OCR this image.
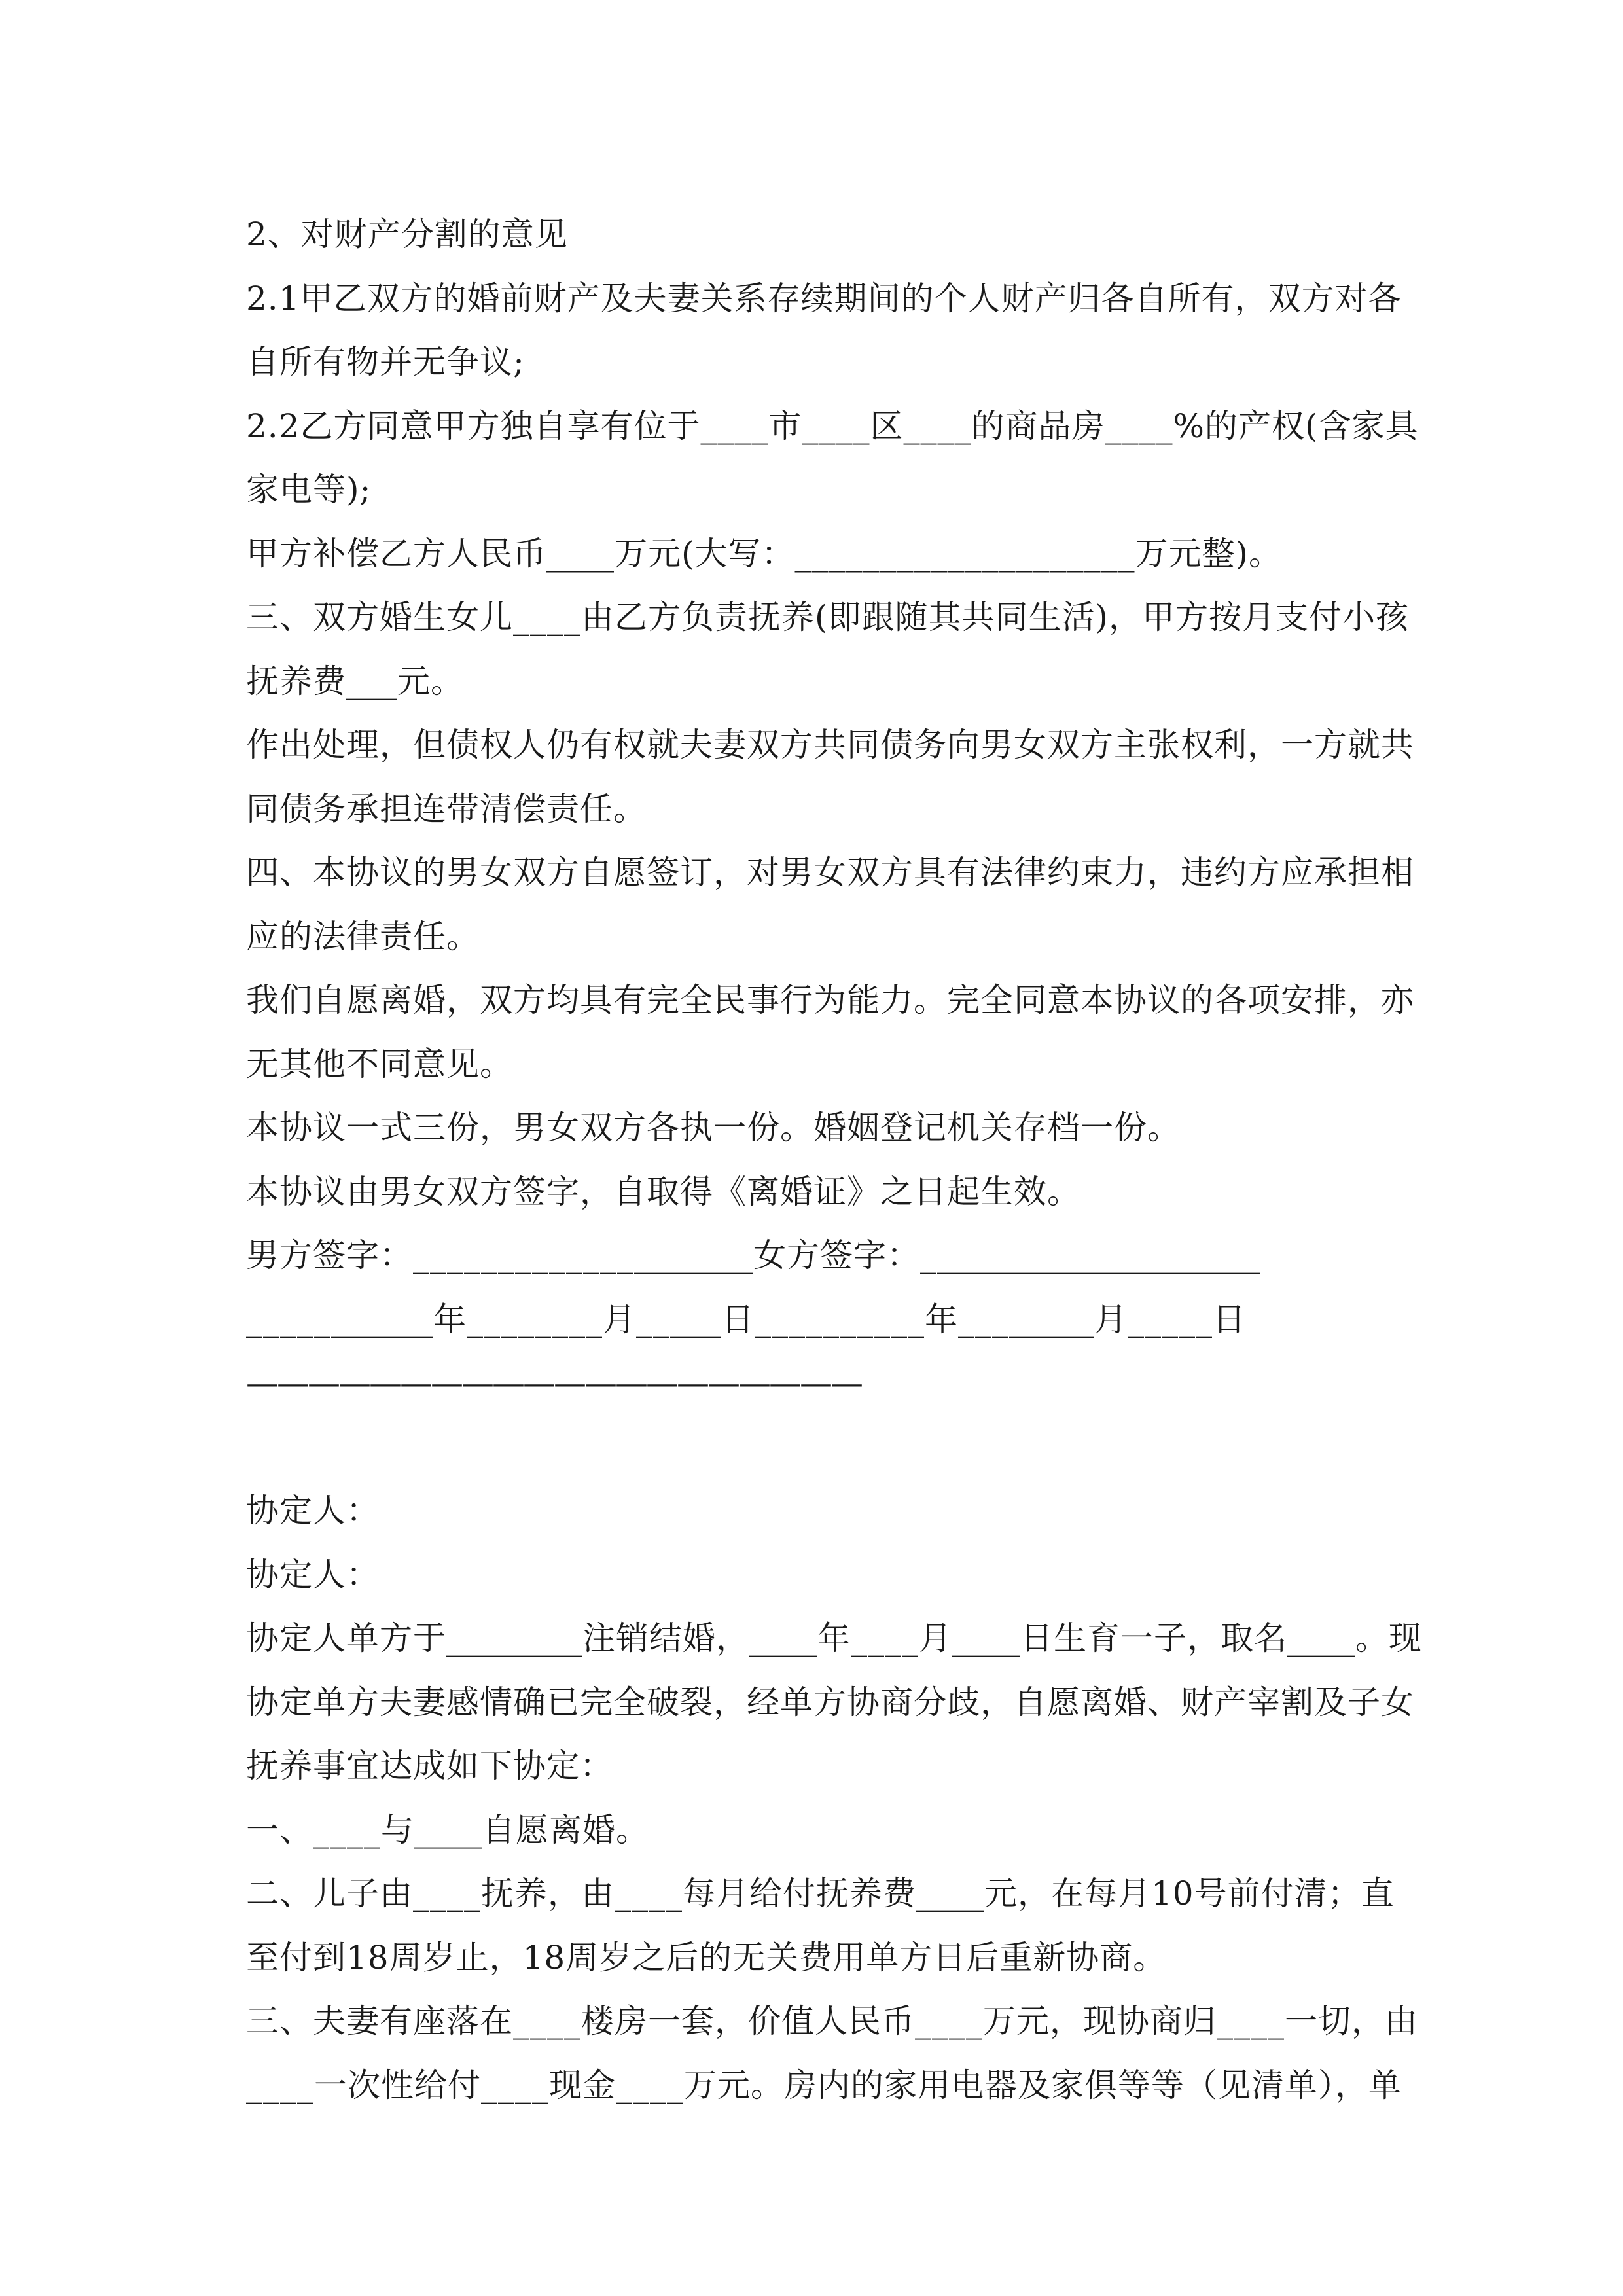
2、对财产分割的意见
2.1甲乙双方的婚前财产及夫妻关系存续期间的个人财产归各自所有，双方对各
自所有物并无争议;
2.2乙方同意甲方独自享有位于____市____区____的商品房____%的产权(含家具
家电等);
甲方补偿乙方人民币____万元(大写：____________________万元整)。
三、双方婚生女儿____由乙方负责抚养(即跟随其共同生活)，甲方按月支付小孩
抚养费___元。
作出处理，但债权人仍有权就夫妻双方共同债务向男女双方主张权利，一方就共
同债务承担连带清偿责任。
四、本协议的男女双方自愿签订，对男女双方具有法律约束力，违约方应承担相
应的法律责任。
我们自愿离婚，双方均具有完全民事行为能力。完全同意本协议的各项安排，亦
无其他不同意见。
本协议一式三份，男女双方各执一份。婚姻登记机关存档一份。
本协议由男女双方签字，自取得《离婚证》之日起生效。
男方签字：____________________女方签字：____________________
___________年________月_____日__________年________月_____日
————————————————————
协定人：
协定人：
协定人单方于________注销结婚，____年____月____日生育一子，取名____。现
协定单方夫妻感情确已完全破裂，经单方协商分歧，自愿离婚、财产宰割及子女
抚养事宜达成如下协定：
一、____与____自愿离婚。
二、儿子由____抚养，由____每月给付抚养费____元，在每月10号前付清；直
至付到18周岁止，18周岁之后的无关费用单方日后重新协商。
三、夫妻有座落在____楼房一套，价值人民币____万元，现协商归____一切，由
____一次性给付____现金____万元。房内的家用电器及家俱等等（见清单），单
